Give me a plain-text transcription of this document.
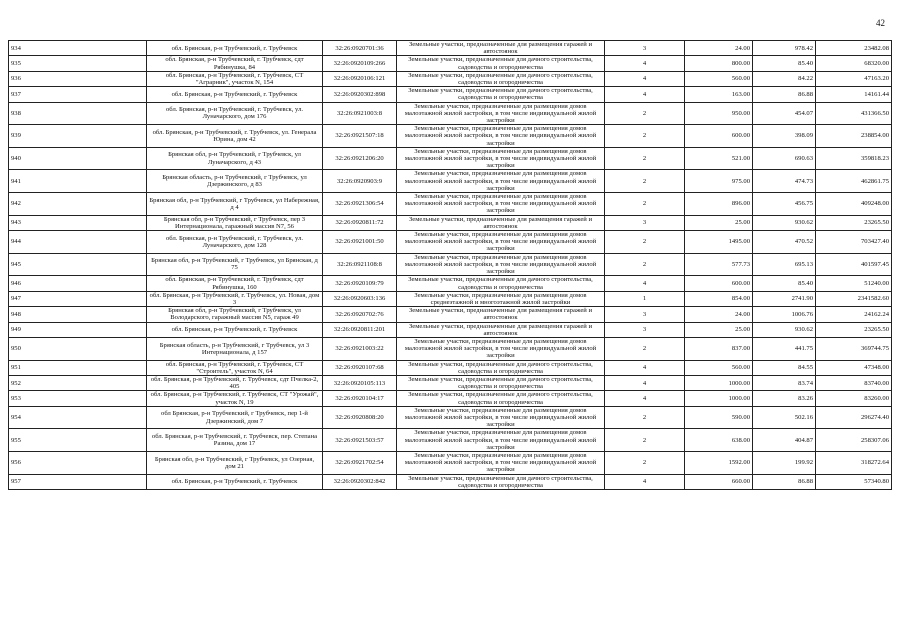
42
934	обл. Брянская, р-н Трубчевский, г. Трубчевск	32:26:0920701:36	Земельные участки, предназначенные для размещения гаражей и автостоянок	3	24.00	978.42	23482.08
935	обл. Брянская, р-н Трубчевский, г. Трубчевск, сдт Рябинушка, 84	32:26:0920109:266	Земельные участки, предназначенные для дачного строительства, садоводства и огородничества	4	800.00	85.40	68320.00
936	обл. Брянская, р-н Трубчевский, г. Трубчевск, СТ "Аграрник", участок N, 154	32:26:0920106:121	Земельные участки, предназначенные для дачного строительства, садоводства и огородничества	4	560.00	84.22	47163.20
937	обл. Брянская, р-н Трубчевский, г. Трубчевск	32:26:0920302:898	Земельные участки, предназначенные для дачного строительства, садоводства и огородничества	4	163.00	86.88	14161.44
938	обл. Брянская, р-н Трубчевский, г. Трубчевск, ул. Луначарского, дом 176	32:26:0921003:8	Земельные участки, предназначенные для размещения домов малоэтажной жилой застройки, в том числе индивидуальной жилой застройки	2	950.00	454.07	431366.50
939	обл. Брянская, р-н Трубчевский, г. Трубчевск, ул. Генерала Юрина, дом 42	32:26:0921507:18	Земельные участки, предназначенные для размещения домов малоэтажной жилой застройки, в том числе индивидуальной жилой застройки	2	600.00	398.09	238854.00
940	Брянская обл, р-н Трубчевский, г Трубчевск, ул Луначарского, д 43	32:26:0921206:20	Земельные участки, предназначенные для размещения домов малоэтажной жилой застройки, в том числе индивидуальной жилой застройки	2	521.00	690.63	359818.23
941	Брянская область, р-н Трубчевский, г Трубчевск, ул Дзержинского, д 83	32:26:0920903:9	Земельные участки, предназначенные для размещения домов малоэтажной жилой застройки, в том числе индивидуальной жилой застройки	2	975.00	474.73	462861.75
942	Брянская обл, р-н Трубчевский, г Трубчевск, ул Набережная, д 4	32:26:0921306:54	Земельные участки, предназначенные для размещения домов малоэтажной жилой застройки, в том числе индивидуальной жилой застройки	2	896.00	456.75	409248.00
943	Брянская обл, р-н Трубчевский, г Трубчевск, пер 3 Интернационала, гаражный массив N7, 56	32:26:0920811:72	Земельные участки, предназначенные для размещения гаражей и автостоянок	3	25.00	930.62	23265.50
944	обл. Брянская, р-н Трубчевский, г. Трубчевск, ул. Луначарского, дом 128	32:26:0921001:50	Земельные участки, предназначенные для размещения домов малоэтажной жилой застройки, в том числе индивидуальной жилой застройки	2	1495.00	470.52	703427.40
945	Брянская обл, р-н Трубчевский, г Трубчевск, ул Брянская, д 75	32:26:0921108:8	Земельные участки, предназначенные для размещения домов малоэтажной жилой застройки, в том числе индивидуальной жилой застройки	2	577.73	695.13	401597.45
946	обл. Брянская, р-н Трубчевский, г. Трубчевск, сдт Рябинушка, 160	32:26:0920109:79	Земельные участки, предназначенные для дачного строительства, садоводства и огородничества	4	600.00	85.40	51240.00
947	обл. Брянская, р-н Трубчевский, г. Трубчевск, ул. Новая, дом 3	32:26:0920603:136	Земельные участки, предназначенные для размещения домов среднеэтажной и многоэтажной жилой застройки	1	854.00	2741.90	2341582.60
948	Брянская обл, р-н Трубчевский, г Трубчевск, ул Володарского, гаражный массив N5, гараж 49	32:26:0920702:76	Земельные участки, предназначенные для размещения гаражей и автостоянок	3	24.00	1006.76	24162.24
949	обл. Брянская, р-н Трубчевский, г. Трубчевск	32:26:0920811:201	Земельные участки, предназначенные для размещения гаражей и автостоянок	3	25.00	930.62	23265.50
950	Брянская область, р-н Трубчевский, г Трубчевск, ул 3 Интернационала, д 157	32:26:0921003:22	Земельные участки, предназначенные для размещения домов малоэтажной жилой застройки, в том числе индивидуальной жилой застройки	2	837.00	441.75	369744.75
951	обл. Брянская, р-н Трубчевский, г. Трубчевск, СТ "Строитель", участок N, 64	32:26:0920107:68	Земельные участки, предназначенные для дачного строительства, садоводства и огородничества	4	560.00	84.55	47348.00
952	обл. Брянская, р-н Трубчевский, г. Трубчевск, сдт Пчелка-2, 405	32:26:0920105:113	Земельные участки, предназначенные для дачного строительства, садоводства и огородничества	4	1000.00	83.74	83740.00
953	обл. Брянская, р-н Трубчевский, г. Трубчевск, СТ "Урожай", участок N, 19	32:26:0920104:17	Земельные участки, предназначенные для дачного строительства, садоводства и огородничества	4	1000.00	83.26	83260.00
954	обл Брянская, р-н Трубчевский, г Трубчевск, пер 1-й Дзержинский, дом 7	32:26:0920808:20	Земельные участки, предназначенные для размещения домов малоэтажной жилой застройки, в том числе индивидуальной жилой застройки	2	590.00	502.16	296274.40
955	обл. Брянская, р-н Трубчевский, г. Трубчевск, пер. Степана Разина, дом 17	32:26:0921503:57	Земельные участки, предназначенные для размещения домов малоэтажной жилой застройки, в том числе индивидуальной жилой застройки	2	638.00	404.87	258307.06
956	Брянская обл, р-н Трубчевский, г Трубчевск, ул Озерная, дом 21	32:26:0921702:54	Земельные участки, предназначенные для размещения домов малоэтажной жилой застройки, в том числе индивидуальной жилой застройки	2	1592.00	199.92	318272.64
957	обл. Брянская, р-н Трубчевский, г. Трубчевск	32:26:0920302:842	Земельные участки, предназначенные для дачного строительства, садоводства и огородничества	4	660.00	86.88	57340.80
